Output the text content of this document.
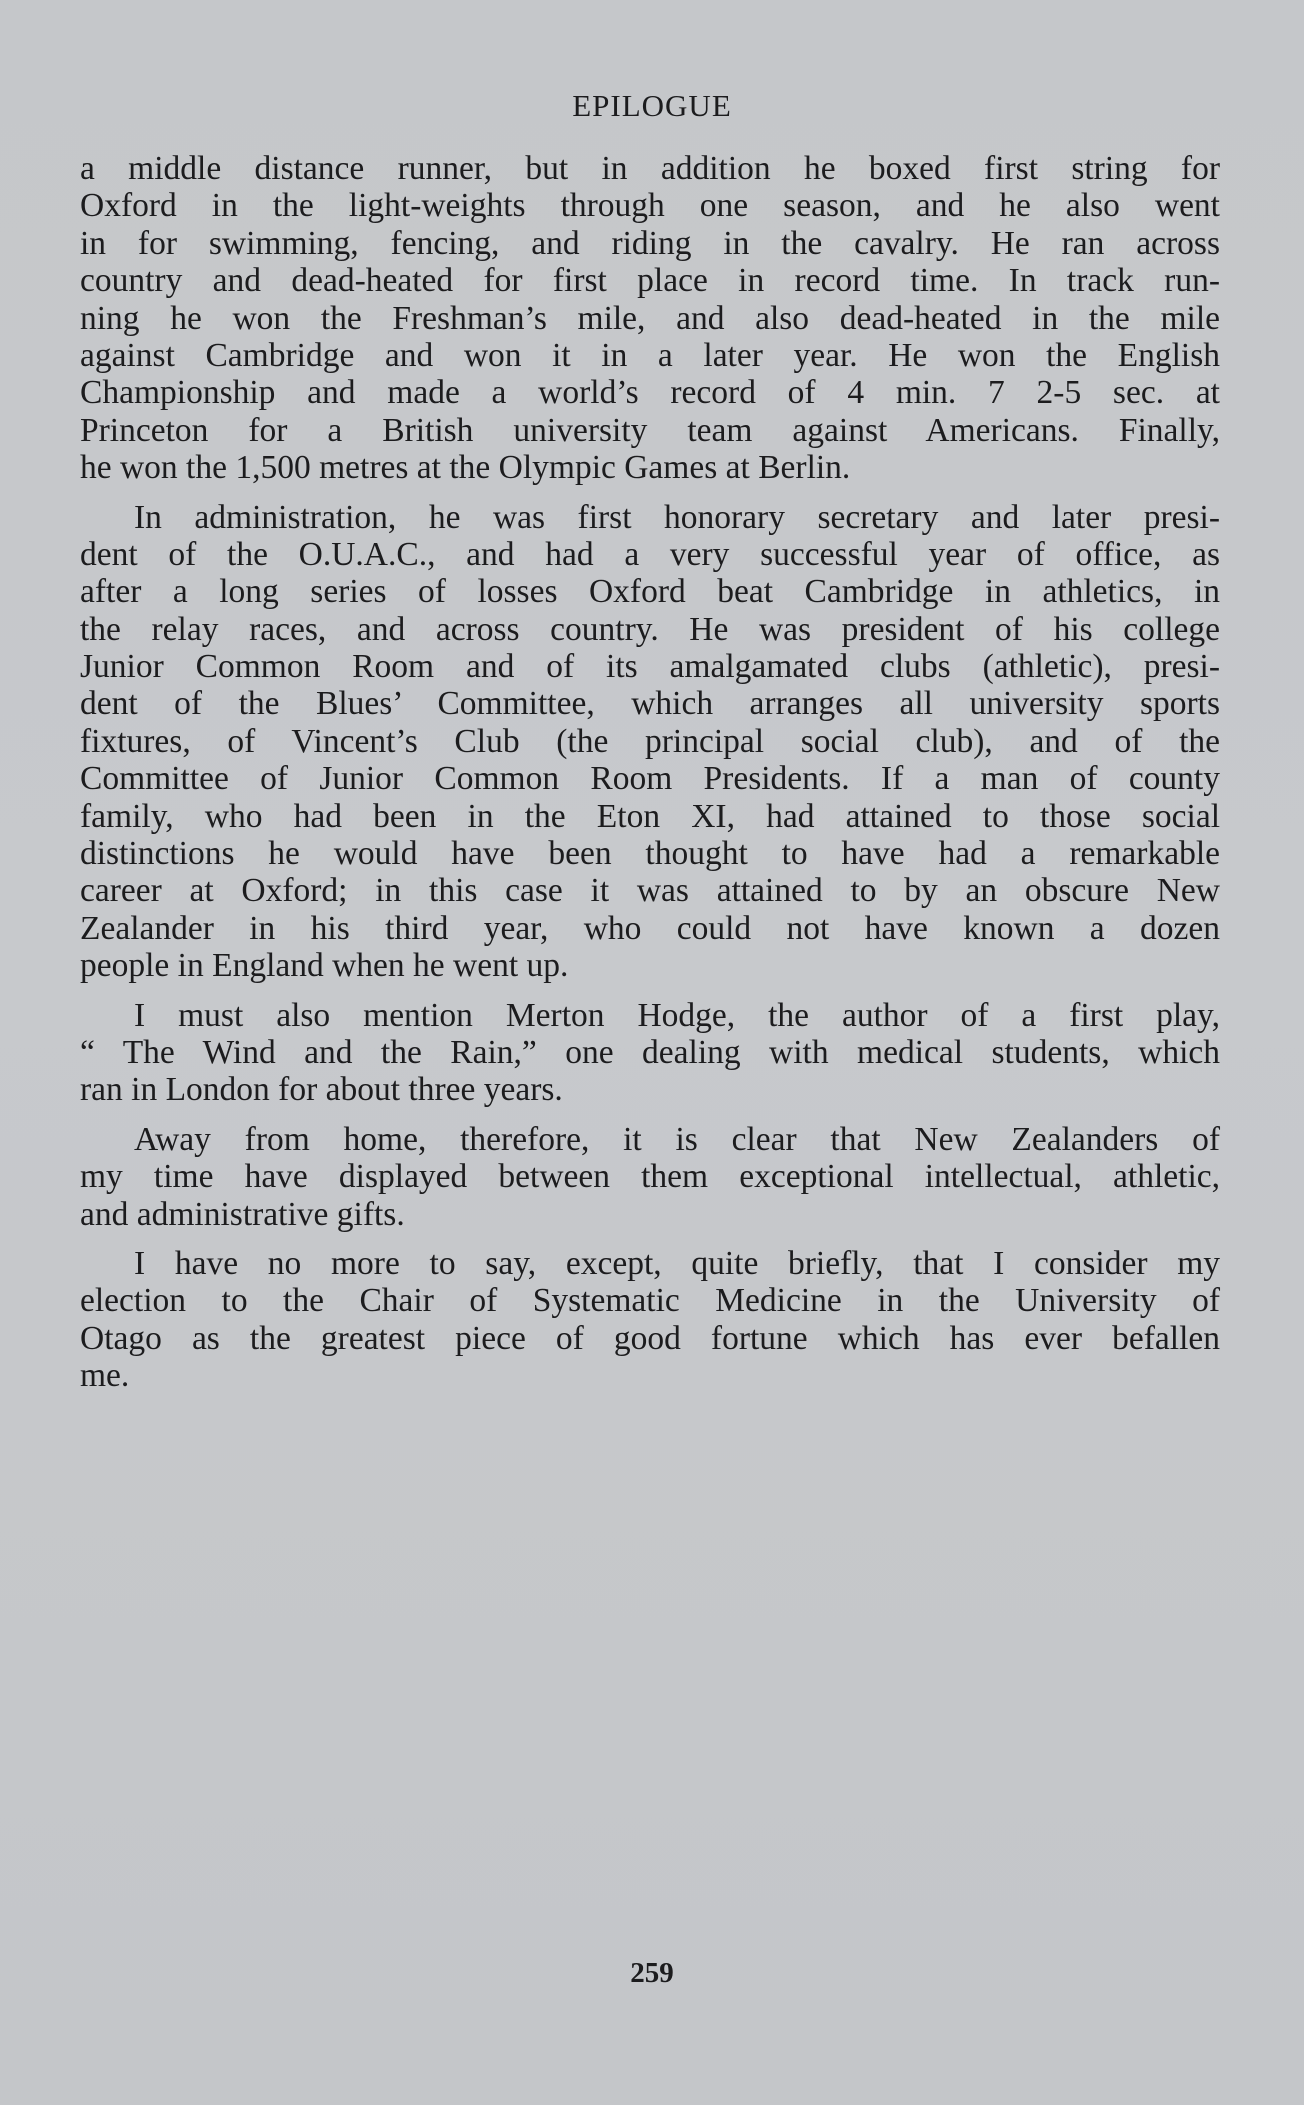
EPILOGUE

a middle distance runner, but in addition he boxed first string for
Oxford in the light-weights through one season, and he also went
in for swimming, fencing, and riding in the cavalry. He ran across
country and dead-heated for first place in record time. In track run-
ning he won the Freshman’s mile, and also dead-heated in the mile
against Cambridge and won it in a later year. He won the English
Championship and made a world’s record of 4 min. 7 2-5 sec. at
Princeton for a British university team against Americans. Finally,
he won the 1,500 metres at the Olympic Games at Berlin.

In administration, he was first honorary secretary and later presi-
dent of the O.U.A.C., and had a very successful year of office, as
after a long series of losses Oxford beat Cambridge in athletics, in
the relay races, and across country. He was president of his college
Junior Common Room and of its amalgamated clubs (athletic), presi-
dent of the Blues’ Committee, which arranges all university sports
fixtures, of Vincent’s Club (the principal social club), and of the
Committee of Junior Common Room Presidents. If a man of county
family, who had been in the Eton XI, had attained to those social
distinctions he would have been thought to have had a remarkable
career at Oxford; in this case it was attained to by an obscure New
Zealander in his third year, who could not have known a dozen
people in England when he went up.

I must also mention Merton Hodge, the author of a first play,
“ The Wind and the Rain,” one dealing with medical students, which
ran in London for about three years.

Away from home, therefore, it is clear that New Zealanders of
my time have displayed between them exceptional intellectual, athletic,
and administrative gifts.

I have no more to say, except, quite briefly, that I consider my
election to the Chair of Systematic Medicine in the University of
Otago as the greatest piece of good fortune which has ever befallen
me.

259
